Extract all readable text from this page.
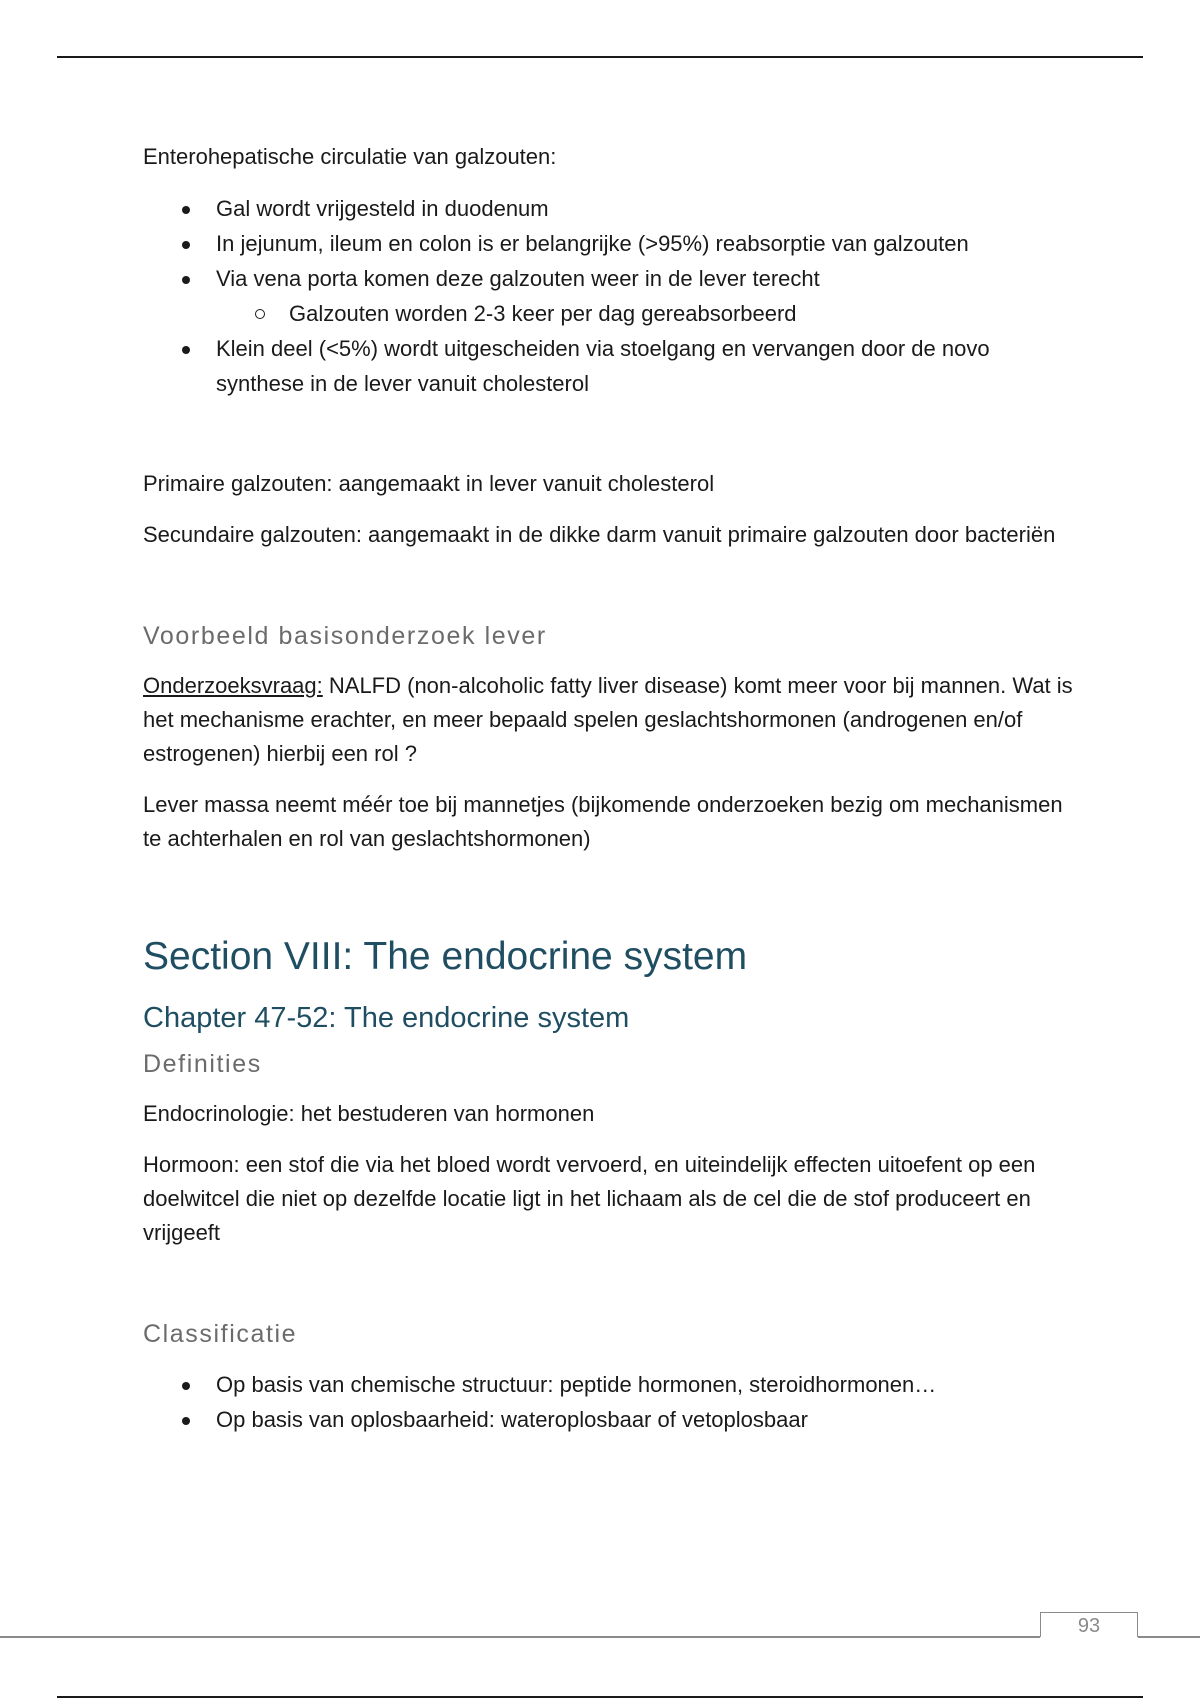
Enterohepatische circulatie van galzouten:

Gal wordt vrijgesteld in duodenum
In jejunum, ileum en colon is er belangrijke (>95%) reabsorptie van galzouten
Via vena porta komen deze galzouten weer in de lever terecht
Galzouten worden 2-3 keer per dag gereabsorbeerd
Klein deel (<5%) wordt uitgescheiden via stoelgang en vervangen door de novo synthese in de lever vanuit cholesterol

Primaire galzouten: aangemaakt in lever vanuit cholesterol

Secundaire galzouten: aangemaakt in de dikke darm vanuit primaire galzouten door bacteriën

Voorbeeld basisonderzoek lever

Onderzoeksvraag: NALFD (non-alcoholic fatty liver disease) komt meer voor bij mannen. Wat is het mechanisme erachter, en meer bepaald spelen geslachtshormonen (androgenen en/of estrogenen) hierbij een rol ?

Lever massa neemt méér toe bij mannetjes (bijkomende onderzoeken bezig om mechanismen te achterhalen en rol van geslachtshormonen)

Section VIII: The endocrine system
Chapter 47-52: The endocrine system
Definities

Endocrinologie: het bestuderen van hormonen

Hormoon: een stof die via het bloed wordt vervoerd, en uiteindelijk effecten uitoefent op een doelwitcel die niet op dezelfde locatie ligt in het lichaam als de cel die de stof produceert en vrijgeeft

Classificatie
Op basis van chemische structuur: peptide hormonen, steroidhormonen…
Op basis van oplosbaarheid: wateroplosbaar of vetoplosbaar
93
